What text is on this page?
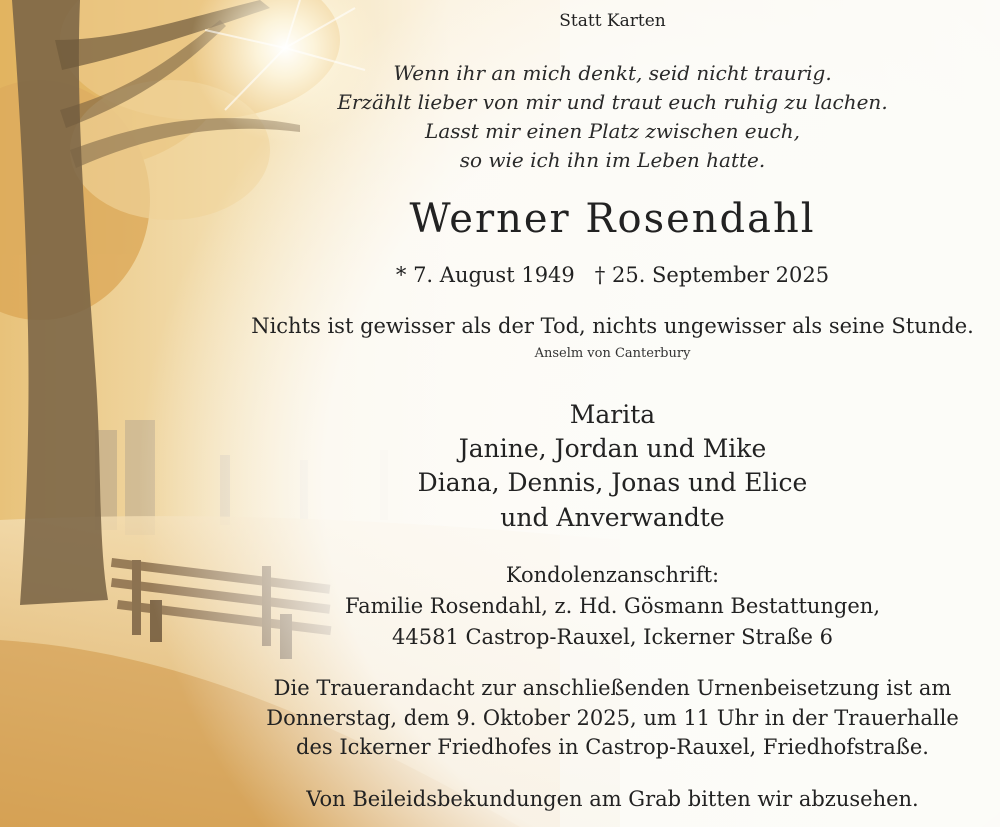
Statt Karten
Wenn ihr an mich denkt, seid nicht traurig.
Erzählt lieber von mir und traut euch ruhig zu lachen.
Lasst mir einen Platz zwischen euch,
so wie ich ihn im Leben hatte.
Werner Rosendahl
* 7. August 1949   † 25. September 2025
Nichts ist gewisser als der Tod, nichts ungewisser als seine Stunde.
Anselm von Canterbury
Marita
Janine, Jordan und Mike
Diana, Dennis, Jonas und Elice
und Anverwandte
Kondolenzanschrift:
Familie Rosendahl, z. Hd. Gösmann Bestattungen,
44581 Castrop-Rauxel, Ickerner Straße 6
Die Trauerandacht zur anschließenden Urnenbeisetzung ist am
Donnerstag, dem 9. Oktober 2025, um 11 Uhr in der Trauerhalle
des Ickerner Friedhofes in Castrop-Rauxel, Friedhofstraße.
Von Beileidsbekundungen am Grab bitten wir abzusehen.
